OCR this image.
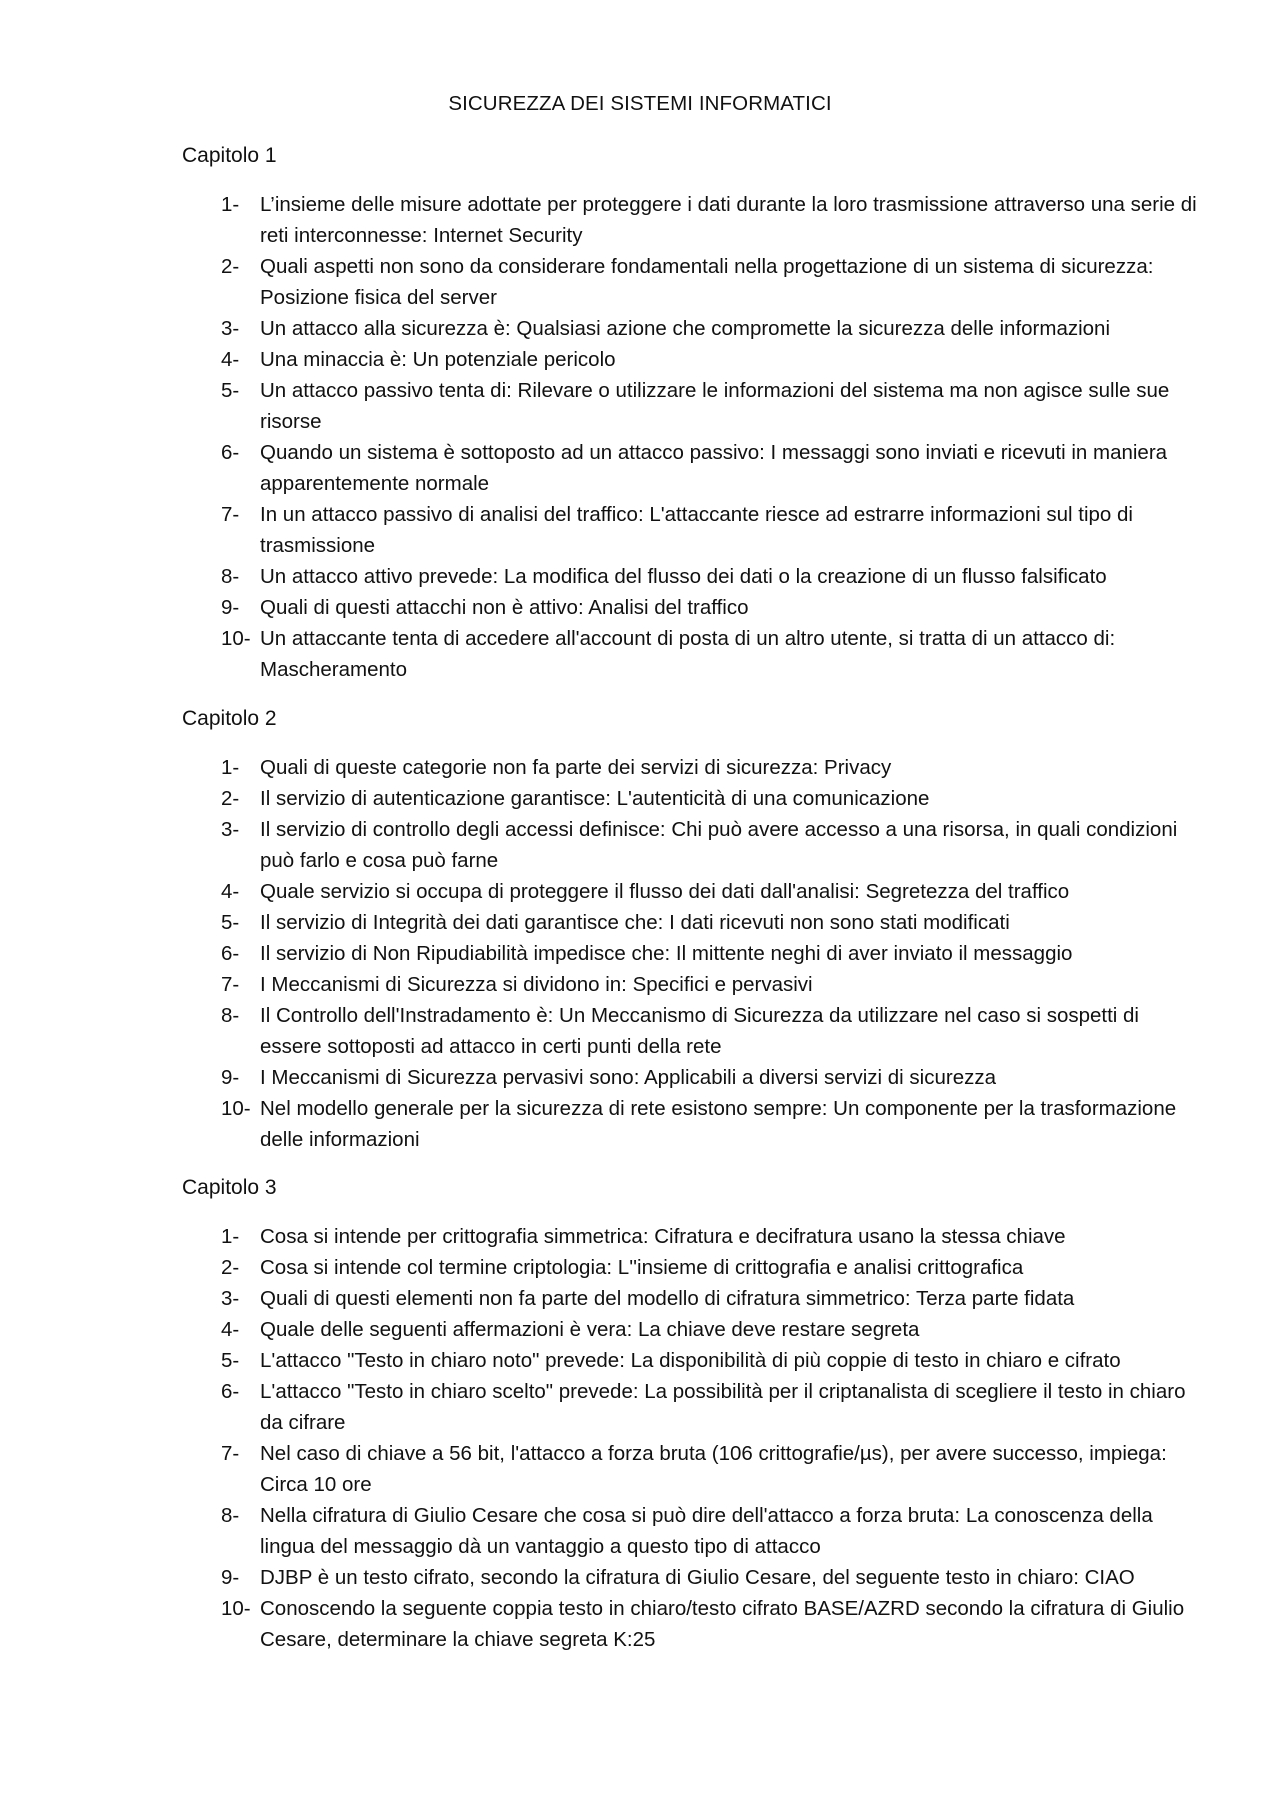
SICUREZZA DEI SISTEMI INFORMATICI
Capitolo 1
1-	L’insieme delle misure adottate per proteggere i dati durante la loro trasmissione attraverso una serie di reti interconnesse: Internet Security
2-	Quali aspetti non sono da considerare fondamentali nella progettazione di un sistema di sicurezza: Posizione fisica del server
3-	Un attacco alla sicurezza è: Qualsiasi azione che compromette la sicurezza delle informazioni
4-	Una minaccia è: Un potenziale pericolo
5-	Un attacco passivo tenta di: Rilevare o utilizzare le informazioni del sistema ma non agisce sulle sue risorse
6-	Quando un sistema è sottoposto ad un attacco passivo: I messaggi sono inviati e ricevuti in maniera apparentemente normale
7-	In un attacco passivo di analisi del traffico: L'attaccante riesce ad estrarre informazioni sul tipo di trasmissione
8-	Un attacco attivo prevede: La modifica del flusso dei dati o la creazione di un flusso falsificato
9-	Quali di questi attacchi non è attivo: Analisi del traffico
10- Un attaccante tenta di accedere all'account di posta di un altro utente, si tratta di un attacco di: Mascheramento
Capitolo 2
1-	Quali di queste categorie non fa parte dei servizi di sicurezza: Privacy
2-	Il servizio di autenticazione garantisce: L'autenticità di una comunicazione
3-	Il servizio di controllo degli accessi definisce: Chi può avere accesso a una risorsa, in quali condizioni può farlo e cosa può farne
4-	Quale servizio si occupa di proteggere il flusso dei dati dall'analisi: Segretezza del traffico
5-	Il servizio di Integrità dei dati garantisce che: I dati ricevuti non sono stati modificati
6-	Il servizio di Non Ripudiabilità impedisce che: Il mittente neghi di aver inviato il messaggio
7-	I Meccanismi di Sicurezza si dividono in: Specifici e pervasivi
8-	Il Controllo dell'Instradamento è: Un Meccanismo di Sicurezza da utilizzare nel caso si sospetti di essere sottoposti ad attacco in certi punti della rete
9-	I Meccanismi di Sicurezza pervasivi sono: Applicabili a diversi servizi di sicurezza
10- Nel modello generale per la sicurezza di rete esistono sempre: Un componente per la trasformazione delle informazioni
Capitolo 3
1-	Cosa si intende per crittografia simmetrica: Cifratura e decifratura usano la stessa chiave
2-	Cosa si intende col termine criptologia: L''insieme di crittografia e analisi crittografica
3-	Quali di questi elementi non fa parte del modello di cifratura simmetrico: Terza parte fidata
4-	Quale delle seguenti affermazioni è vera: La chiave deve restare segreta
5-	L'attacco "Testo in chiaro noto" prevede: La disponibilità di più coppie di testo in chiaro e cifrato
6-	L'attacco "Testo in chiaro scelto" prevede: La possibilità per il criptanalista di scegliere il testo in chiaro da cifrare
7-	Nel caso di chiave a 56 bit, l'attacco a forza bruta (106 crittografie/µs), per avere successo, impiega: Circa 10 ore
8-	Nella cifratura di Giulio Cesare che cosa si può dire dell'attacco a forza bruta: La conoscenza della lingua del messaggio dà un vantaggio a questo tipo di attacco
9-	DJBP è un testo cifrato, secondo la cifratura di Giulio Cesare, del seguente testo in chiaro: CIAO
10- Conoscendo la seguente coppia testo in chiaro/testo cifrato BASE/AZRD secondo la cifratura di Giulio Cesare, determinare la chiave segreta K:25
